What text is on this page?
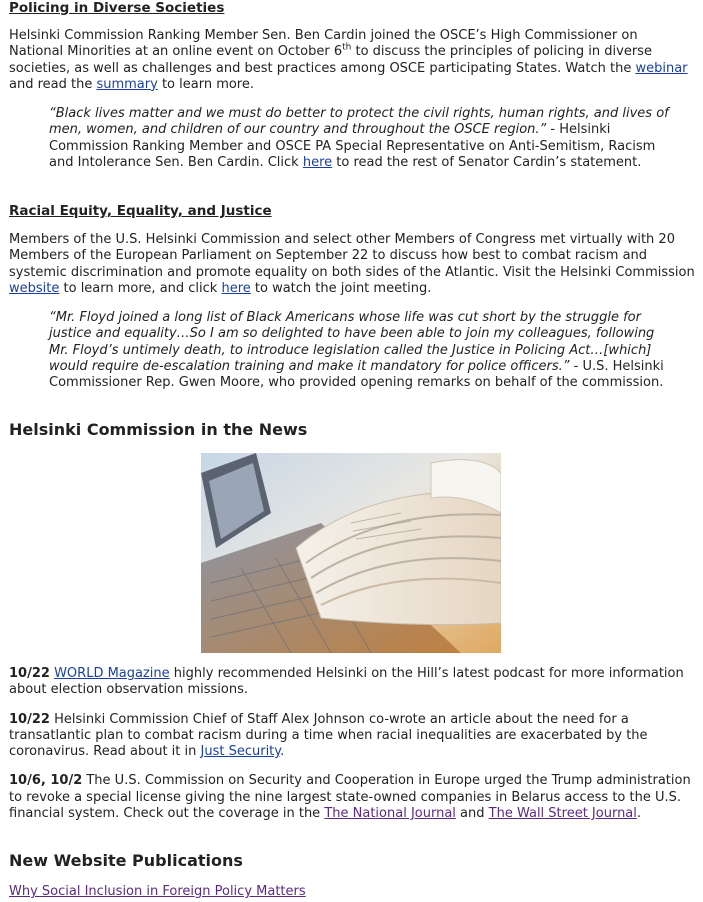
Policing in Diverse Societies

Helsinki Commission Ranking Member Sen. Ben Cardin joined the OSCE’s High Commissioner on National Minorities at an online event on October 6th to discuss the principles of policing in diverse societies, as well as challenges and best practices among OSCE participating States. Watch the webinar and read the summary to learn more.

“Black lives matter and we must do better to protect the civil rights, human rights, and lives of men, women, and children of our country and throughout the OSCE region.” - Helsinki Commission Ranking Member and OSCE PA Special Representative on Anti-Semitism, Racism and Intolerance Sen. Ben Cardin. Click here to read the rest of Senator Cardin’s statement.

Racial Equity, Equality, and Justice

Members of the U.S. Helsinki Commission and select other Members of Congress met virtually with 20 Members of the European Parliament on September 22 to discuss how best to combat racism and systemic discrimination and promote equality on both sides of the Atlantic. Visit the Helsinki Commission website to learn more, and click here to watch the joint meeting.

“Mr. Floyd joined a long list of Black Americans whose life was cut short by the struggle for justice and equality…So I am so delighted to have been able to join my colleagues, following Mr. Floyd’s untimely death, to introduce legislation called the Justice in Policing Act…[which] would require de-escalation training and make it mandatory for police officers.” - U.S. Helsinki Commissioner Rep. Gwen Moore, who provided opening remarks on behalf of the commission.

Helsinki Commission in the News

10/22 WORLD Magazine highly recommended Helsinki on the Hill’s latest podcast for more information about election observation missions.

10/22 Helsinki Commission Chief of Staff Alex Johnson co-wrote an article about the need for a transatlantic plan to combat racism during a time when racial inequalities are exacerbated by the coronavirus. Read about it in Just Security.

10/6, 10/2 The U.S. Commission on Security and Cooperation in Europe urged the Trump administration to revoke a special license giving the nine largest state-owned companies in Belarus access to the U.S. financial system. Check out the coverage in the The National Journal and The Wall Street Journal.

New Website Publications

Why Social Inclusion in Foreign Policy Matters
